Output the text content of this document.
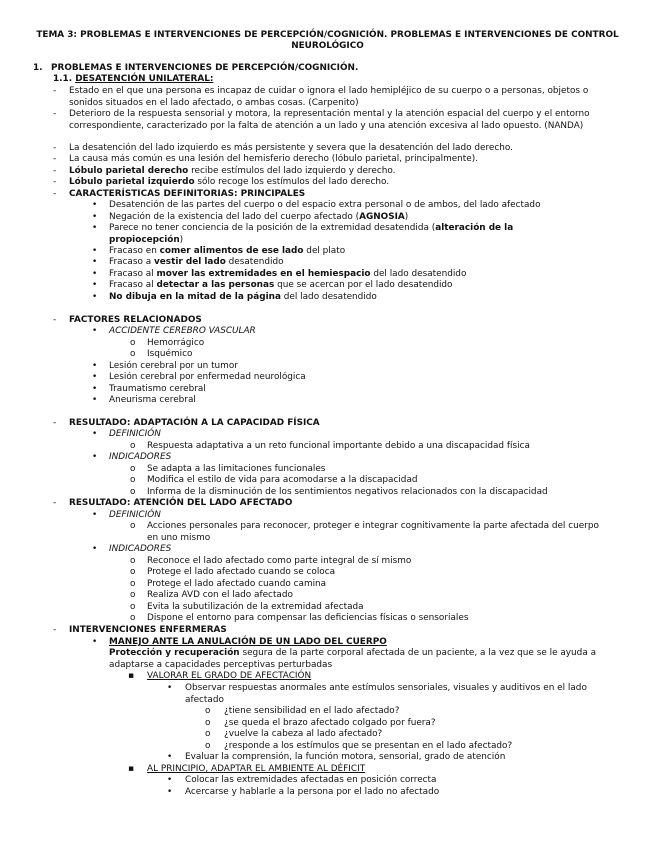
TEMA 3: PROBLEMAS E INTERVENCIONES DE PERCEPCIÓN/COGNICIÓN. PROBLEMAS E INTERVENCIONES DE CONTROL NEUROLÓGICO
1. PROBLEMAS E INTERVENCIONES DE PERCEPCIÓN/COGNICIÓN.
1.1. DESATENCIÓN UNILATERAL:
- Estado en el que una persona es incapaz de cuidar o ignora el lado hemipléjico de su cuerpo o a personas, objetos o sonidos situados en el lado afectado, o ambas cosas. (Carpenito)
- Deterioro de la respuesta sensorial y motora, la representación mental y la atención espacial del cuerpo y el entorno correspondiente, caracterizado por la falta de atención a un lado y una atención excesiva al lado opuesto. (NANDA)
- La desatención del lado izquierdo es más persistente y severa que la desatención del lado derecho.
- La causa más común es una lesión del hemisferio derecho (lóbulo parietal, principalmente).
- Lóbulo parietal derecho recibe estímulos del lado izquierdo y derecho.
- Lóbulo parietal izquierdo sólo recoge los estímulos del lado derecho.
- CARACTERÍSTICAS DEFINITORIAS: PRINCIPALES
• Desatención de las partes del cuerpo o del espacio extra personal o de ambos, del lado afectado
• Negación de la existencia del lado del cuerpo afectado (AGNOSIA)
• Parece no tener conciencia de la posición de la extremidad desatendida (alteración de la propiocepción)
• Fracaso en comer alimentos de ese lado del plato
• Fracaso a vestir del lado desatendido
• Fracaso al mover las extremidades en el hemiespacio del lado desatendido
• Fracaso al detectar a las personas que se acercan por el lado desatendido
• No dibuja en la mitad de la página del lado desatendido
- FACTORES RELACIONADOS
• ACCIDENTE CEREBRO VASCULAR
o Hemorrágico
o Isquémico
• Lesión cerebral por un tumor
• Lesión cerebral por enfermedad neurológica
• Traumatismo cerebral
• Aneurisma cerebral
- RESULTADO: ADAPTACIÓN A LA CAPACIDAD FÍSICA
• DEFINICIÓN
o Respuesta adaptativa a un reto funcional importante debido a una discapacidad física
• INDICADORES
o Se adapta a las limitaciones funcionales
o Modifica el estilo de vida para acomodarse a la discapacidad
o Informa de la disminución de los sentimientos negativos relacionados con la discapacidad
- RESULTADO: ATENCIÓN DEL LADO AFECTADO
• DEFINICIÓN
o Acciones personales para reconocer, proteger e integrar cognitivamente la parte afectada del cuerpo en uno mismo
• INDICADORES
o Reconoce el lado afectado como parte integral de sí mismo
o Protege el lado afectado cuando se coloca
o Protege el lado afectado cuando camina
o Realiza AVD con el lado afectado
o Evita la subutilización de la extremidad afectada
o Dispone el entorno para compensar las deficiencias físicas o sensoriales
- INTERVENCIONES ENFERMERAS
• MANEJO ANTE LA ANULACIÓN DE UN LADO DEL CUERPO
Protección y recuperación segura de la parte corporal afectada de un paciente, a la vez que se le ayuda a adaptarse a capacidades perceptivas perturbadas
▪ VALORAR EL GRADO DE AFECTACIÓN
• Observar respuestas anormales ante estímulos sensoriales, visuales y auditivos en el lado afectado
o ¿tiene sensibilidad en el lado afectado?
o ¿se queda el brazo afectado colgado por fuera?
o ¿vuelve la cabeza al lado afectado?
o ¿responde a los estímulos que se presentan en el lado afectado?
• Evaluar la comprensión, la función motora, sensorial, grado de atención
▪ AL PRINCIPIO, ADAPTAR EL AMBIENTE AL DÉFICIT
• Colocar las extremidades afectadas en posición correcta
• Acercarse y hablarle a la persona por el lado no afectado
